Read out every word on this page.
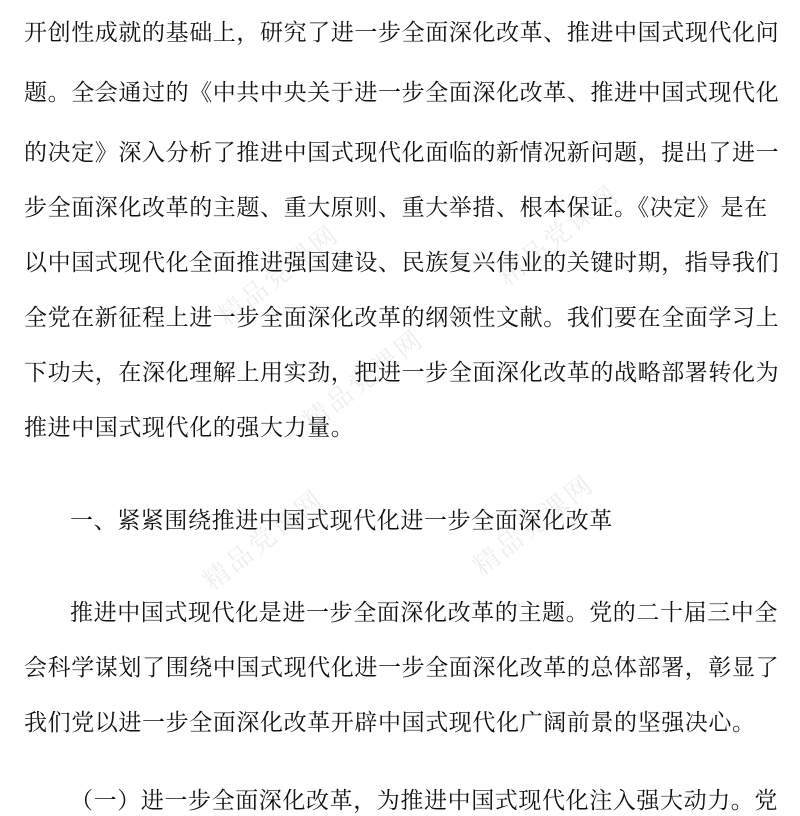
精品党课网	精品党课网
精品党课网
精品党课网	精品党课网
开创性成就的基础上，研究了进一步全面深化改革、推进中国式现代化问
题。全会通过的《中共中央关于进一步全面深化改革、推进中国式现代化
的决定》深入分析了推进中国式现代化面临的新情况新问题，提出了进一
步全面深化改革的主题、重大原则、重大举措、根本保证。《决定》是在
以中国式现代化全面推进强国建设、民族复兴伟业的关键时期，指导我们
全党在新征程上进一步全面深化改革的纲领性文献。我们要在全面学习上
下功夫，在深化理解上用实劲，把进一步全面深化改革的战略部署转化为
推进中国式现代化的强大力量。
一、紧紧围绕推进中国式现代化进一步全面深化改革
推进中国式现代化是进一步全面深化改革的主题。党的二十届三中全
会科学谋划了围绕中国式现代化进一步全面深化改革的总体部署，彰显了
我们党以进一步全面深化改革开辟中国式现代化广阔前景的坚强决心。
（一）进一步全面深化改革，为推进中国式现代化注入强大动力。党
